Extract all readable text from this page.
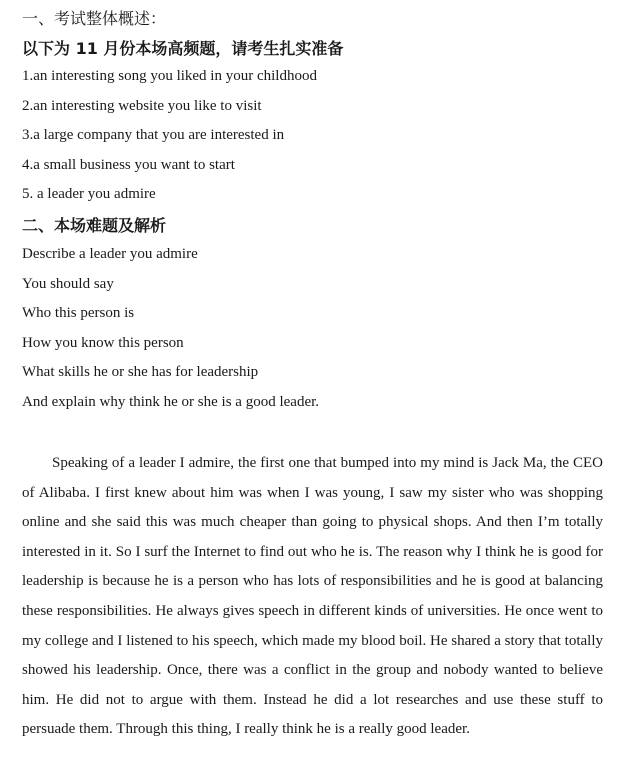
一、考试整体概述：

以下为 11 月份本场高频题，请考生扎实准备

1.an interesting song you liked in your childhood

2.an interesting website you like to visit

3.a large company that you are interested in

4.a small business you want to start

5. a leader you admire

二、本场难题及解析

Describe a leader you admire

You should say

Who this person is

How you know this person

What skills he or she has for leadership

And explain why think he or she is a good leader.

Speaking of a leader I admire, the first one that bumped into my mind is Jack Ma, the CEO of Alibaba. I first knew about him was when I was young, I saw my sister who was shopping online and she said this was much cheaper than going to physical shops. And then I’m totally interested in it. So I surf the Internet to find out who he is. The reason why I think he is good for leadership is because he is a person who has lots of responsibilities and he is good at balancing these responsibilities. He always gives speech in different kinds of universities. He once went to my college and I listened to his speech, which made my blood boil. He shared a story that totally showed his leadership. Once, there was a conflict in the group and nobody wanted to believe him. He did not to argue with them. Instead he did a lot researches and use these stuff to persuade them. Through this thing, I really think he is a really good leader.
